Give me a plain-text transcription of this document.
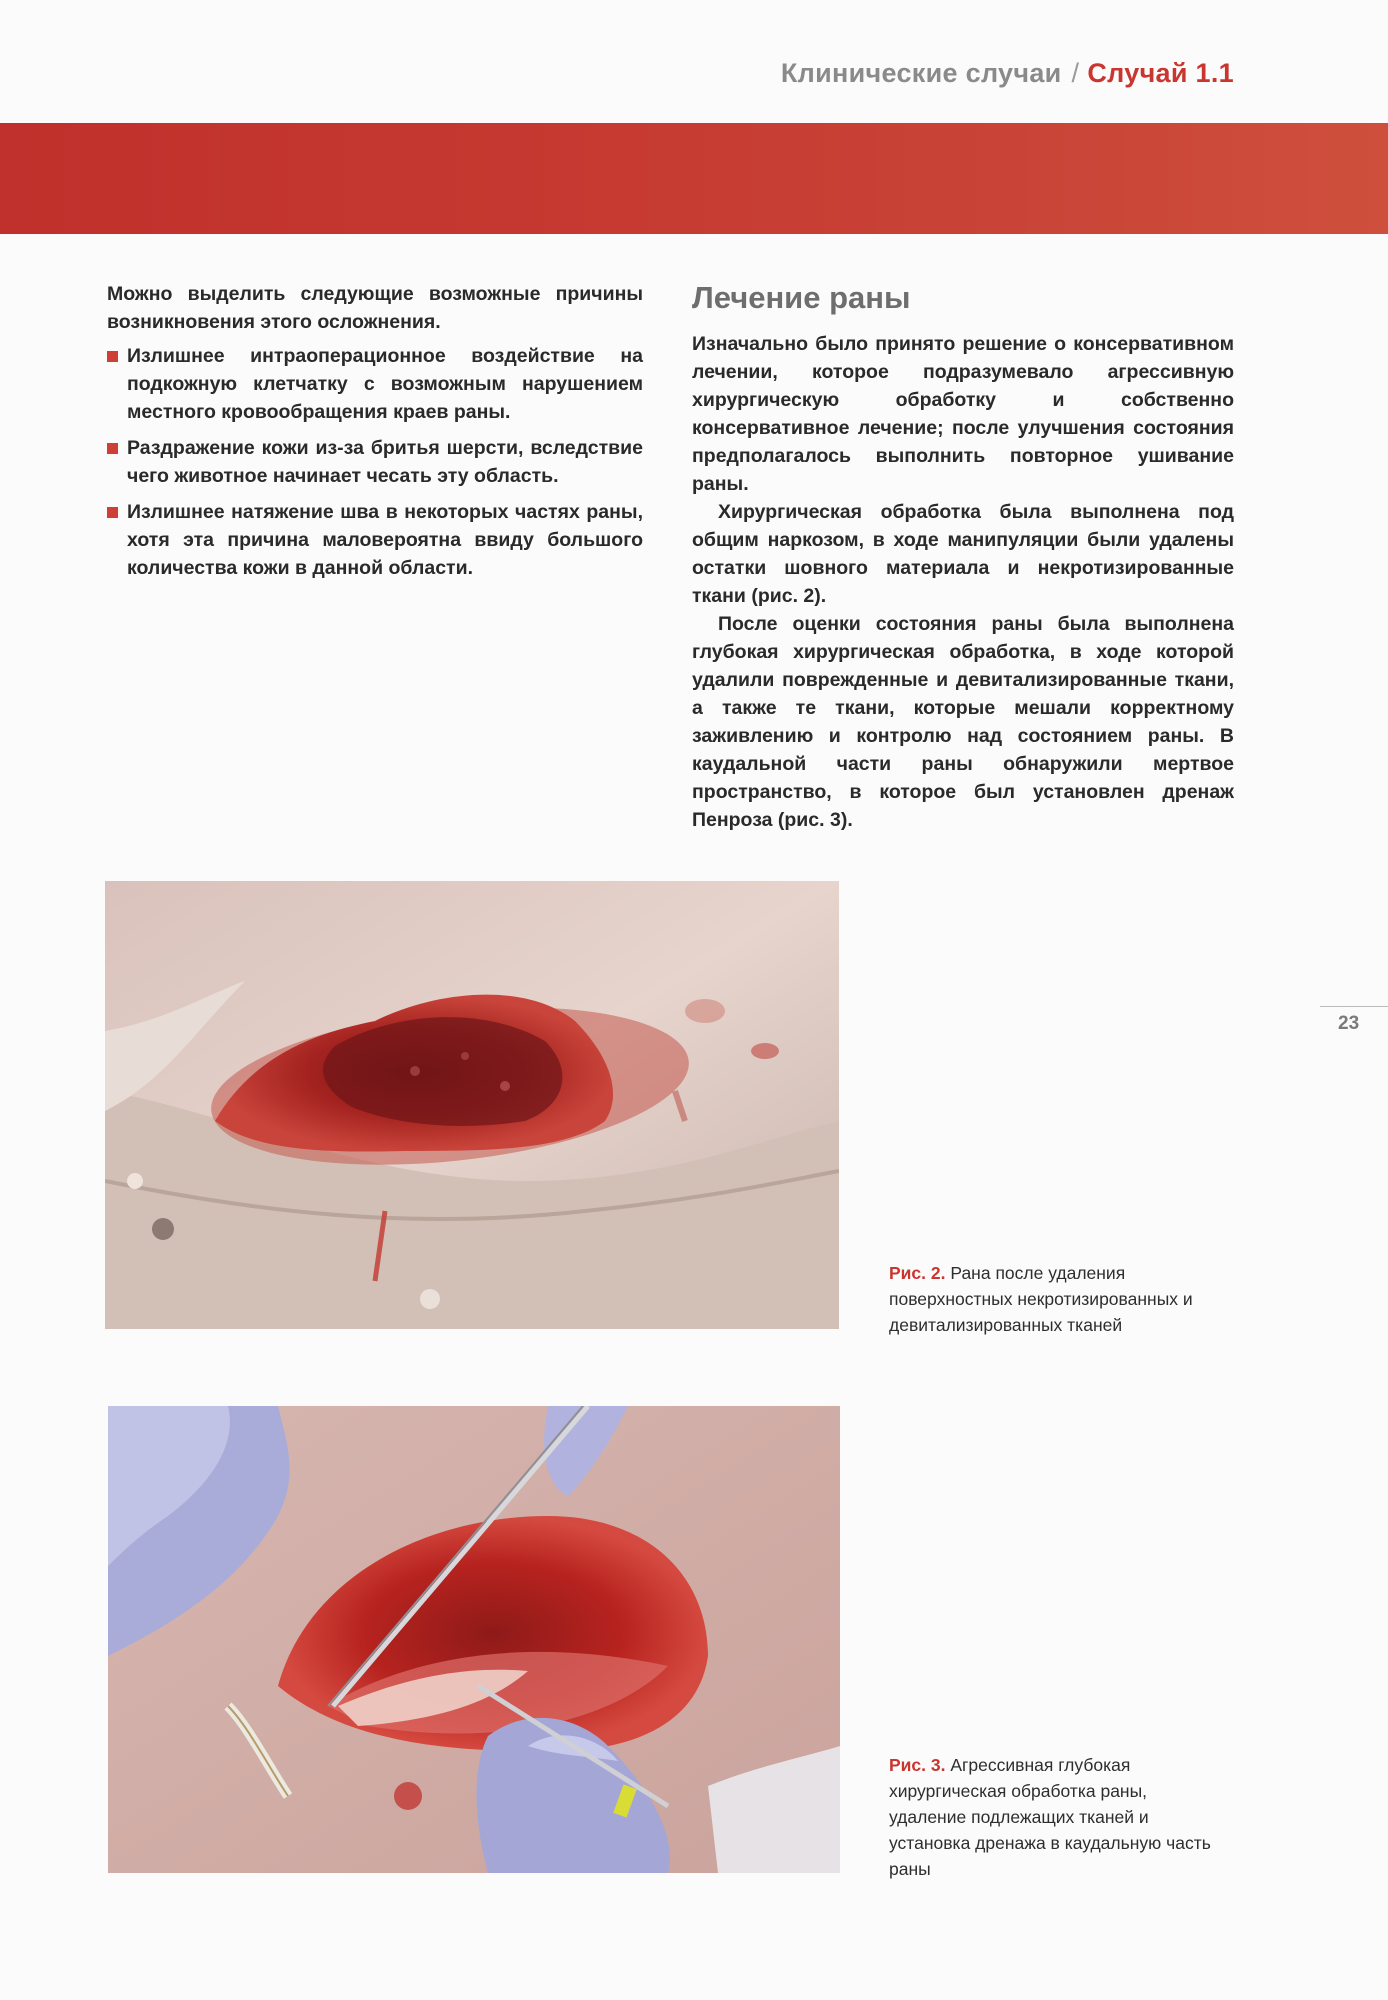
Клинические случаи / Случай 1.1

Можно выделить следующие возможные причины возникновения этого осложнения.

Излишнее интраоперационное воздействие на подкожную клетчатку с возможным нарушением местного кровообращения краев раны.
Раздражение кожи из-за бритья шерсти, вследствие чего животное начинает чесать эту область.
Излишнее натяжение шва в некоторых частях раны, хотя эта причина маловероятна ввиду большого количества кожи в данной области.
Лечение раны

Изначально было принято решение о консервативном лечении, которое подразумевало агрессивную хирургическую обработку и собственно консервативное лечение; после улучшения состояния предполагалось выполнить повторное ушивание раны.

Хирургическая обработка была выполнена под общим наркозом, в ходе манипуляции были удалены остатки шовного материала и некротизированные ткани (рис. 2).

После оценки состояния раны была выполнена глубокая хирургическая обработка, в ходе которой удалили поврежденные и девитализированные ткани, а также те ткани, которые мешали корректному заживлению и контролю над состоянием раны. В каудальной части раны обнаружили мертвое пространство, в которое был установлен дренаж Пенроза (рис. 3).

Рис. 2. Рана после удаления поверхностных некротизированных и девитализированных тканей
Рис. 3. Агрессивная глубокая хирургическая обработка раны, удаление подлежащих тканей и установка дренажа в каудальную часть раны
23
